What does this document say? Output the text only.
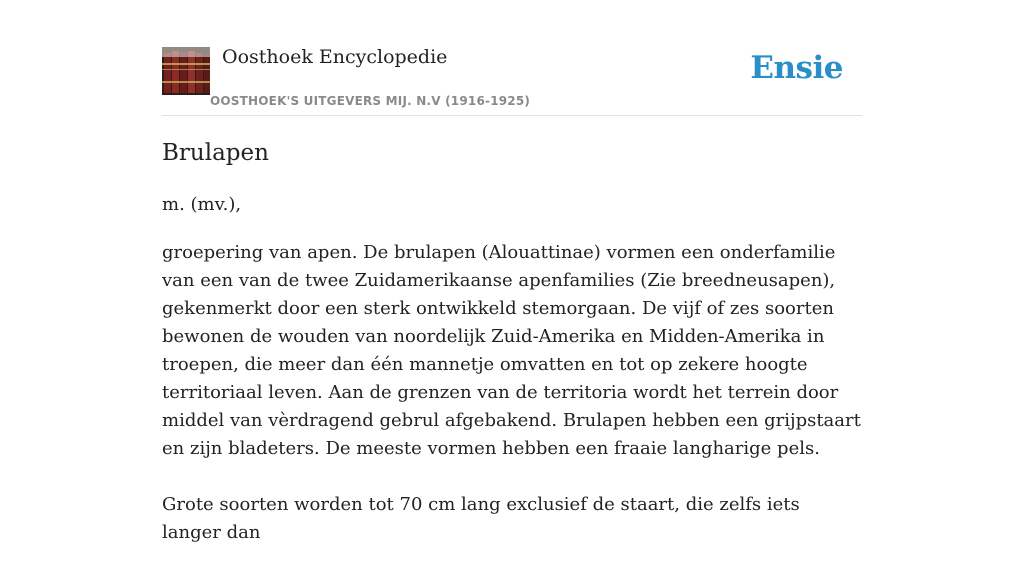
Oosthoek Encyclopedie
OOSTHOEK'S UITGEVERS MIJ. N.V (1916-1925)
Ensie
Brulapen
m. (mv.),

groepering van apen. De brulapen (Alouattinae) vormen een onderfamilie van een van de twee Zuidamerikaanse apenfamilies (Zie breedneusapen), gekenmerkt door een sterk ontwikkeld stemorgaan. De vijf of zes soorten bewonen de wouden van noordelijk Zuid-Amerika en Midden-Amerika in troepen, die meer dan één mannetje omvatten en tot op zekere hoogte territoriaal leven. Aan de grenzen van de territoria wordt het terrein door middel van vèrdragend gebrul afgebakend. Brulapen hebben een grijpstaart en zijn bladeters. De meeste vormen hebben een fraaie langharige pels.

Grote soorten worden tot 70 cm lang exclusief de staart, die zelfs iets langer dan
